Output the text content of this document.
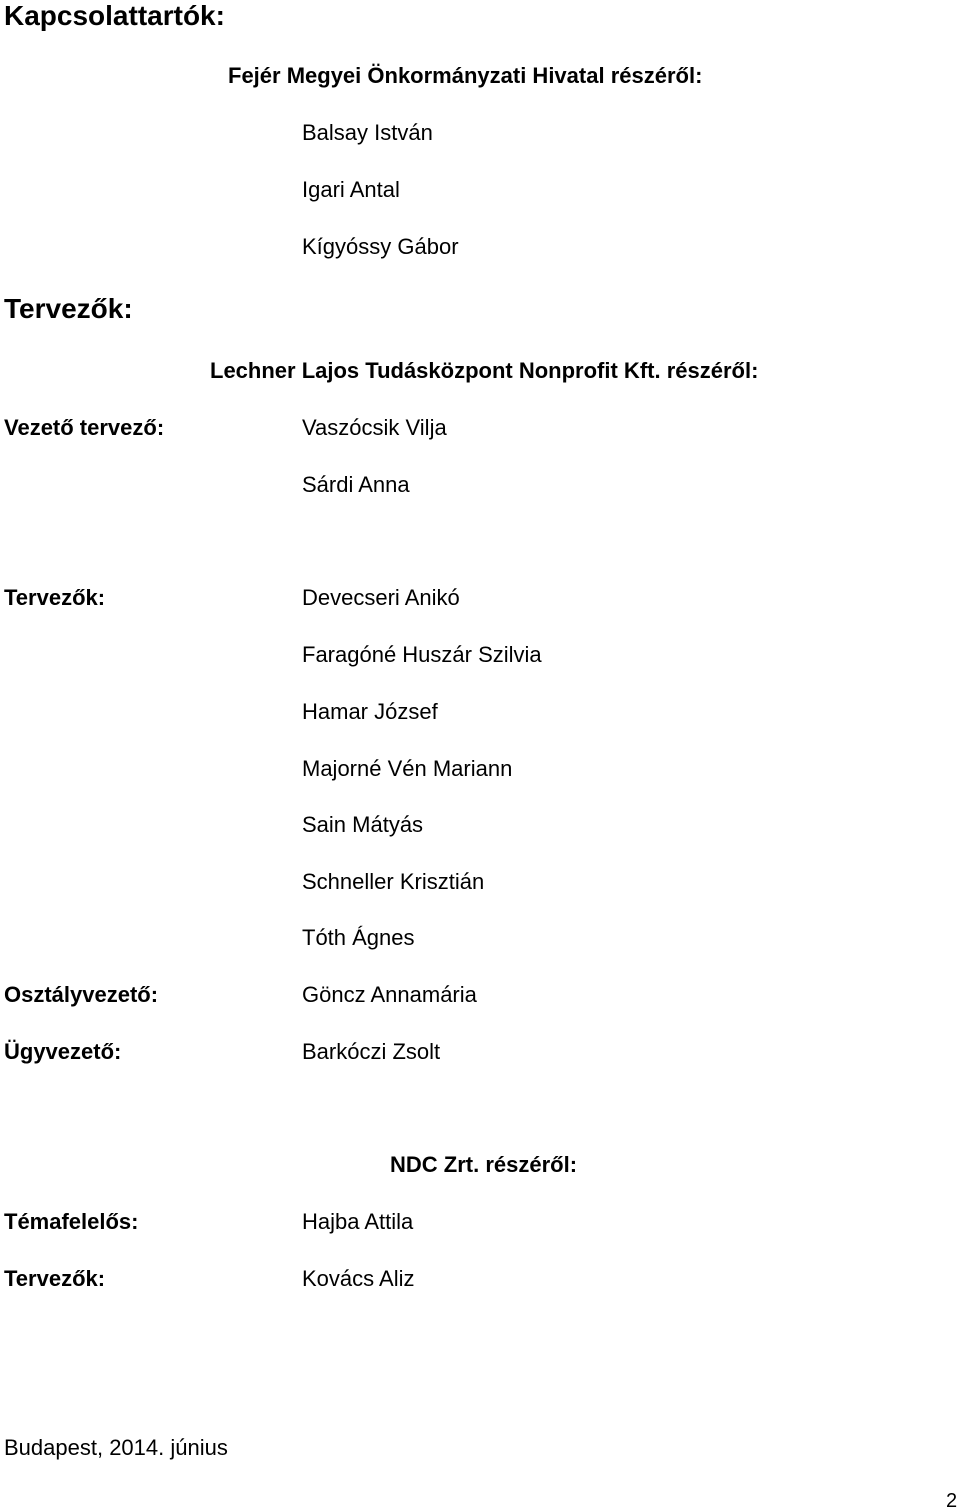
Kapcsolattartók:
Fejér Megyei Önkormányzati Hivatal részéről:
Balsay István
Igari Antal
Kígyóssy Gábor
Tervezők:
Lechner Lajos Tudásközpont Nonprofit Kft. részéről:
Vezető tervező:	Vaszócsik Vilja
Sárdi Anna
Tervezők:	Devecseri Anikó
Faragóné Huszár Szilvia
Hamar József
Majorné Vén Mariann
Sain Mátyás
Schneller Krisztián
Tóth Ágnes
Osztályvezető:	Göncz Annamária
Ügyvezető:	Barkóczi Zsolt
NDC Zrt. részéről:
Témafelelős:	Hajba Attila
Tervezők:	Kovács Aliz
Budapest, 2014. június
2
